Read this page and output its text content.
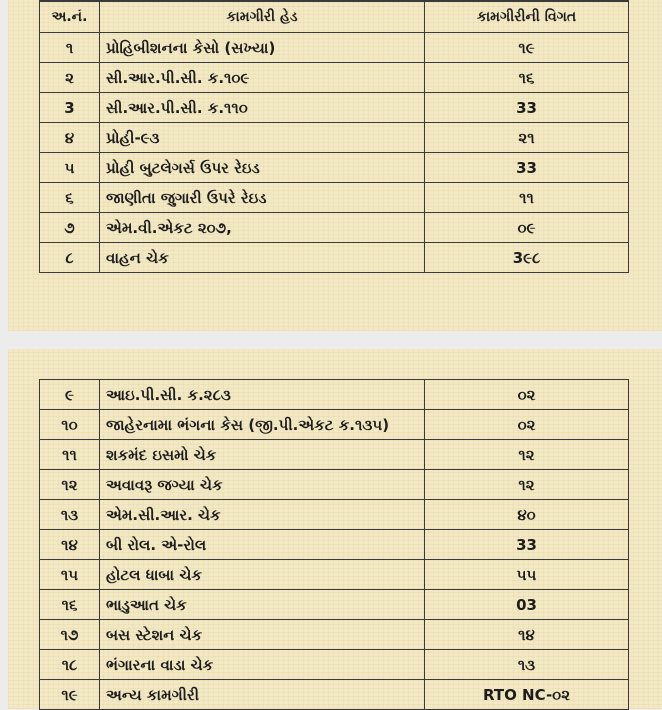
અ.નં.	કામગીરી હેડ	કામગીરીની વિગત
૧	પ્રોહિબીશનના કેસો (સખ્યા)	૧૯
૨	સી.આર.પી.સી. ક.૧૦૯	૧૬
3	સી.આર.પી.સી. ક.૧૧૦	33
૪	પ્રોહી-૯૩	૨૧
૫	પ્રોહી બુટલેગર્સ ઉપર રેઇડ	33
૬	જાણીતા જુગારી ઉપરે રેઇડ	૧૧
૭	એમ.વી.એકટ ૨૦૭,	૦૯
૮	વાહન ચેક	3૯૮
૯	આઇ.પી.સી. ક.૨૮૩	૦૨
૧૦	જાહેરનામા ભંગના કેસ (જી.પી.એકટ ક.૧૩૫)	૦૨
૧૧	શકમંદ ઇસમો ચેક	૧૨
૧૨	અવાવરૂ જગ્યા ચેક	૧૨
૧૩	એમ.સી.આર. ચેક	૪૦
૧૪	બી રોલ. એ-રોલ	33
૧૫	હોટલ ધાબા ચેક	૫૫
૧૬	ભાડુઆત ચેક	03
૧૭	બસ સ્ટેશન ચેક	૧૪
૧૮	ભંગારના વાડા ચેક	૧૩
૧૯	અન્ય કામગીરી	RTO NC-૦૨
